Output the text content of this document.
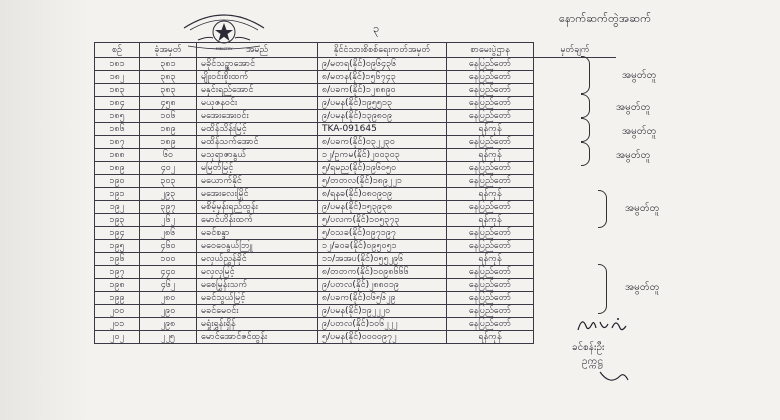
MINISTRY
နောက်ဆက်တွဲအဆက်
၃
စဉ်	ခုံအမှတ်	အမည်	နိုင်ငံသားစိစစ်ရေးကတ်အမှတ်	စာမေးပွဲဌာန	မှတ်ချက်
၁၈၁	၃၈၁	မခိုင်သဉ္ဇာအောင်	၉/မတရ(နိုင်)၀၉၆၄၃၆	နေပြည်တော်	
၁၈၂	၃၈၃	မျိုးဝင်းစိုးထက်	၈/မတန(နိုင်)၁၅၆၇၄၃	နေပြည်တော်	
၁၈၃	၃၈၃	မနှင်းရည်အောင်	၈/ပခက(နိုင်)၁၂၈၈၉၀	နေပြည်တော်	
၁၈၄	၄၅၈	မယုဇနဝင်း	၉/ပမန(နိုင်)၁၉၅၅၁၃	နေပြည်တော်	
၁၈၅	၁၀၆	မအေးအေးဝင်း	၉/ပမန(နိုင်)၁၃၉၈၀၉	နေပြည်တော်	
၁၈၆	၁၈၉	မထိန်သိန်းမြင့်	TKA-091645	ရန်ကုန်	
၁၈၇	၁၈၉	မထိန်သက်အောင်	၈/ပခက(နိုင်)၀၃၂၂၃၀	နေပြည်တော်	
၁၈၈	၆၀	မသုရာဇာနွယ်	၁၂/ဥကမ(နိုင်)၂၀၀၃၀၃	ရန်ကုန်	
၁၈၉	၄၀၂	မမြတ်မြင့်	၅/ရမည(နိုင်)၁၉၆၀၅၀	နေပြည်တော်	
၁၉၀	၃၀၃	မယောက်နိုင်	၅/တတလ(နိုင်)၁၈၉၂၂၁	နေပြည်တော်	
၁၉၁	၂၉၃	မအေးလေးမြိုင်	၈/ရနခ(နိုင်)၀၈၀၉၀၉	ရန်ကုန်	
၁၉၂	၃၉၇	မစိမ့်မှန်းရည်ထွန်း	၉/ပမန(နိုင်)၁၅၃၉၃၈	နေပြည်တော်	
၁၉၃	၂၆၂	မောင်ဟိန်းထက်	၅/ပလက(နိုင်)၁၀၅၃၇၃	ရန်ကုန်	
၁၉၄	၂၈၆	မခင်စန္ဒာ	၅/ဝသခ(နိုင်)၀၉၇၁၉၇	နေပြည်တော်	
၁၉၅	၄၆၀	မဝေဝေနွယ်ဘြူ	၁၂/ခဝခ(နိုင်)၀၉၅၀၅၁	နေပြည်တော်	
၁၉၆	၁၀၀	မလှယ်ညွှန်ခိုင်	၁၁/အအပ(နိုင်)၀၅၅၂၉၆	ရန်ကုန်	
၁၉၇	၄၄၀	မလှလှမြင့်	၈/တတက(နိုင်)၁၀၉၈၆၆၆	နေပြည်တော်	
၁၉၈	၄၆၂	မစေမြှန်းသက်	၉/ပတလ(နိုင်)၂၈၈၀၁၉	နေပြည်တော်	
၁၉၉	၂၈၀	မခင်သွယ်မြင့်	၈/ပခက(နိုင်)၀၆၅၆၂၉	နေပြည်တော်	
၂၀၀	၂၉၀	မခင်မေဝင်း	၉/ပမန(နိုင်)၁၉၂၂၂၀	နေပြည်တော်	
၂၀၁	၂၉၈	မရှုံးရွှန်းရှိန်	၉/ပတလ(နိုင်)၁၀၆၂၂၂	နေပြည်တော်	
၂၀၂	၂၂၅	မောင်အောင်ဇင်ထွန်း	၅/ပမန(နိုင်)၀၀၀၀၉၇၂	ရန်ကုန်	
အမွတ်တူ
အမွတ်တူ
အမွတ်တူ
အမွတ်တူ
အမွတ်တူ
အမွတ်တူ
ခင်စန်းဦး
ဥက္ကဋ္ဌ
